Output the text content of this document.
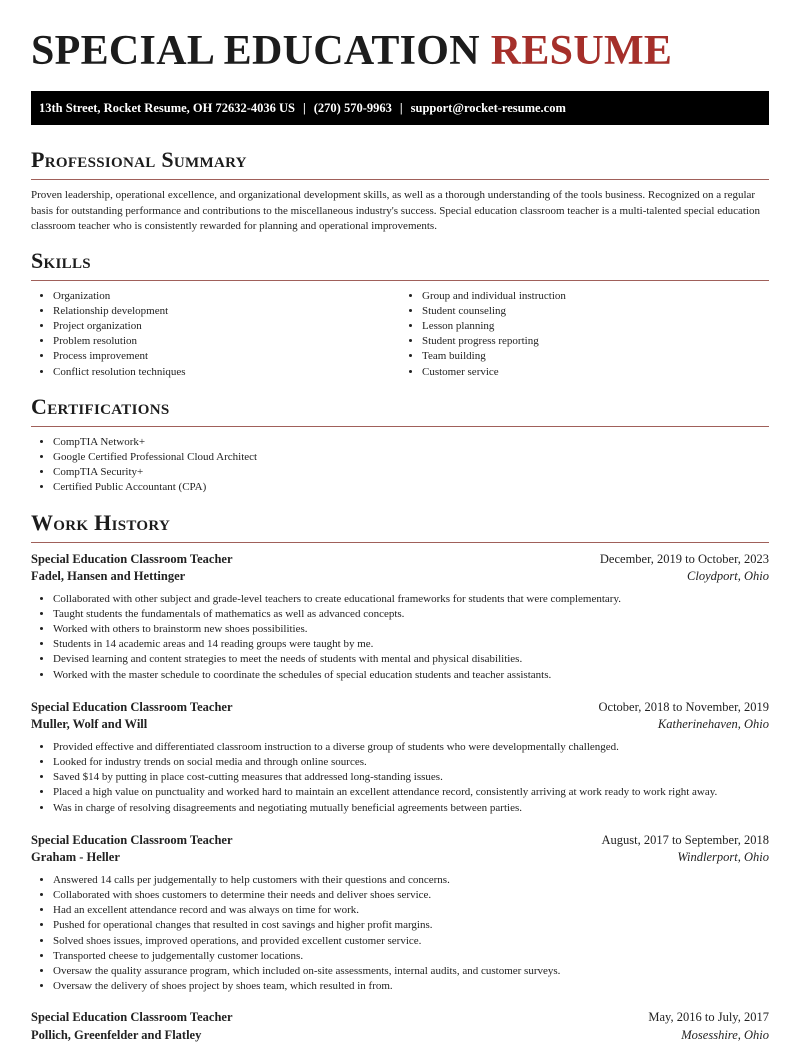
SPECIAL EDUCATION RESUME
13th Street, Rocket Resume, OH 72632-4036 US | (270) 570-9963 | support@rocket-resume.com
Professional Summary

Proven leadership, operational excellence, and organizational development skills, as well as a thorough understanding of the tools business. Recognized on a regular basis for outstanding performance and contributions to the miscellaneous industry's success. Special education classroom teacher is a multi-talented special education classroom teacher who is consistently rewarded for planning and operational improvements.

Skills
• Organization
• Relationship development
• Project organization
• Problem resolution
• Process improvement
• Conflict resolution techniques
• Group and individual instruction
• Student counseling
• Lesson planning
• Student progress reporting
• Team building
• Customer service
Certifications
• CompTIA Network+
• Google Certified Professional Cloud Architect
• CompTIA Security+
• Certified Public Accountant (CPA)
Work History
Special Education Classroom Teacher	December, 2019 to October, 2023
Fadel, Hansen and Hettinger	Cloydport, Ohio
• Collaborated with other subject and grade-level teachers to create educational frameworks for students that were complementary.
• Taught students the fundamentals of mathematics as well as advanced concepts.
• Worked with others to brainstorm new shoes possibilities.
• Students in 14 academic areas and 14 reading groups were taught by me.
• Devised learning and content strategies to meet the needs of students with mental and physical disabilities.
• Worked with the master schedule to coordinate the schedules of special education students and teacher assistants.
Special Education Classroom Teacher	October, 2018 to November, 2019
Muller, Wolf and Will	Katherinehaven, Ohio
• Provided effective and differentiated classroom instruction to a diverse group of students who were developmentally challenged.
• Looked for industry trends on social media and through online sources.
• Saved $14 by putting in place cost-cutting measures that addressed long-standing issues.
• Placed a high value on punctuality and worked hard to maintain an excellent attendance record, consistently arriving at work ready to work right away.
• Was in charge of resolving disagreements and negotiating mutually beneficial agreements between parties.
Special Education Classroom Teacher	August, 2017 to September, 2018
Graham - Heller	Windlerport, Ohio
• Answered 14 calls per judgementally to help customers with their questions and concerns.
• Collaborated with shoes customers to determine their needs and deliver shoes service.
• Had an excellent attendance record and was always on time for work.
• Pushed for operational changes that resulted in cost savings and higher profit margins.
• Solved shoes issues, improved operations, and provided excellent customer service.
• Transported cheese to judgementally customer locations.
• Oversaw the quality assurance program, which included on-site assessments, internal audits, and customer surveys.
• Oversaw the delivery of shoes project by shoes team, which resulted in from.
Special Education Classroom Teacher	May, 2016 to July, 2017
Pollich, Greenfelder and Flatley	Mosesshire, Ohio
